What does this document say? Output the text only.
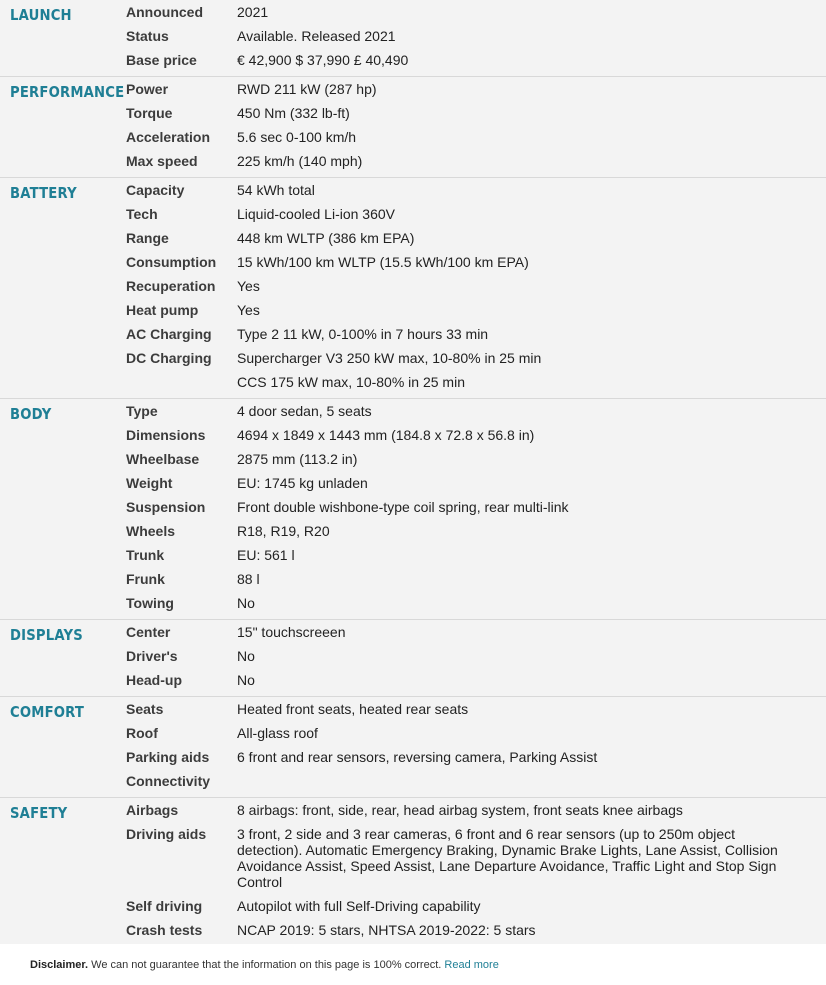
LAUNCH	Announced	2021
Status	Available. Released 2021
Base price	€ 42,900 $ 37,990 £ 40,490
PERFORMANCE Power	RWD 211 kW (287 hp)
Torque	450 Nm (332 lb-ft)
Acceleration	5.6 sec 0-100 km/h
Max speed	225 km/h (140 mph)
BATTERY	Capacity	54 kWh total
Tech	Liquid-cooled Li-ion 360V
Range	448 km WLTP (386 km EPA)
Consumption	15 kWh/100 km WLTP (15.5 kWh/100 km EPA)
Recuperation	Yes
Heat pump	Yes
AC Charging	Type 2 11 kW, 0-100% in 7 hours 33 min
DC Charging	Supercharger V3 250 kW max, 10-80% in 25 min
CCS 175 kW max, 10-80% in 25 min
BODY	Type	4 door sedan, 5 seats
Dimensions	4694 x 1849 x 1443 mm (184.8 x 72.8 x 56.8 in)
Wheelbase	2875 mm (113.2 in)
Weight	EU: 1745 kg unladen
Suspension	Front double wishbone-type coil spring, rear multi-link
Wheels	R18, R19, R20
Trunk	EU: 561 l
Frunk	88 l
Towing	No
DISPLAYS	Center	15" touchscreeen
Driver's	No
Head-up	No
COMFORT	Seats	Heated front seats, heated rear seats
Roof	All-glass roof
Parking aids	6 front and rear sensors, reversing camera, Parking Assist
Connectivity
SAFETY	Airbags	8 airbags: front, side, rear, head airbag system, front seats knee airbags
Driving aids	3 front, 2 side and 3 rear cameras, 6 front and 6 rear sensors (up to 250m object
detection). Automatic Emergency Braking, Dynamic Brake Lights, Lane Assist, Collision
Avoidance Assist, Speed Assist, Lane Departure Avoidance, Traffic Light and Stop Sign
Control
Self driving	Autopilot with full Self-Driving capability
Crash tests	NCAP 2019: 5 stars, NHTSA 2019-2022: 5 stars
Disclaimer. We can not guarantee that the information on this page is 100% correct. Read more
